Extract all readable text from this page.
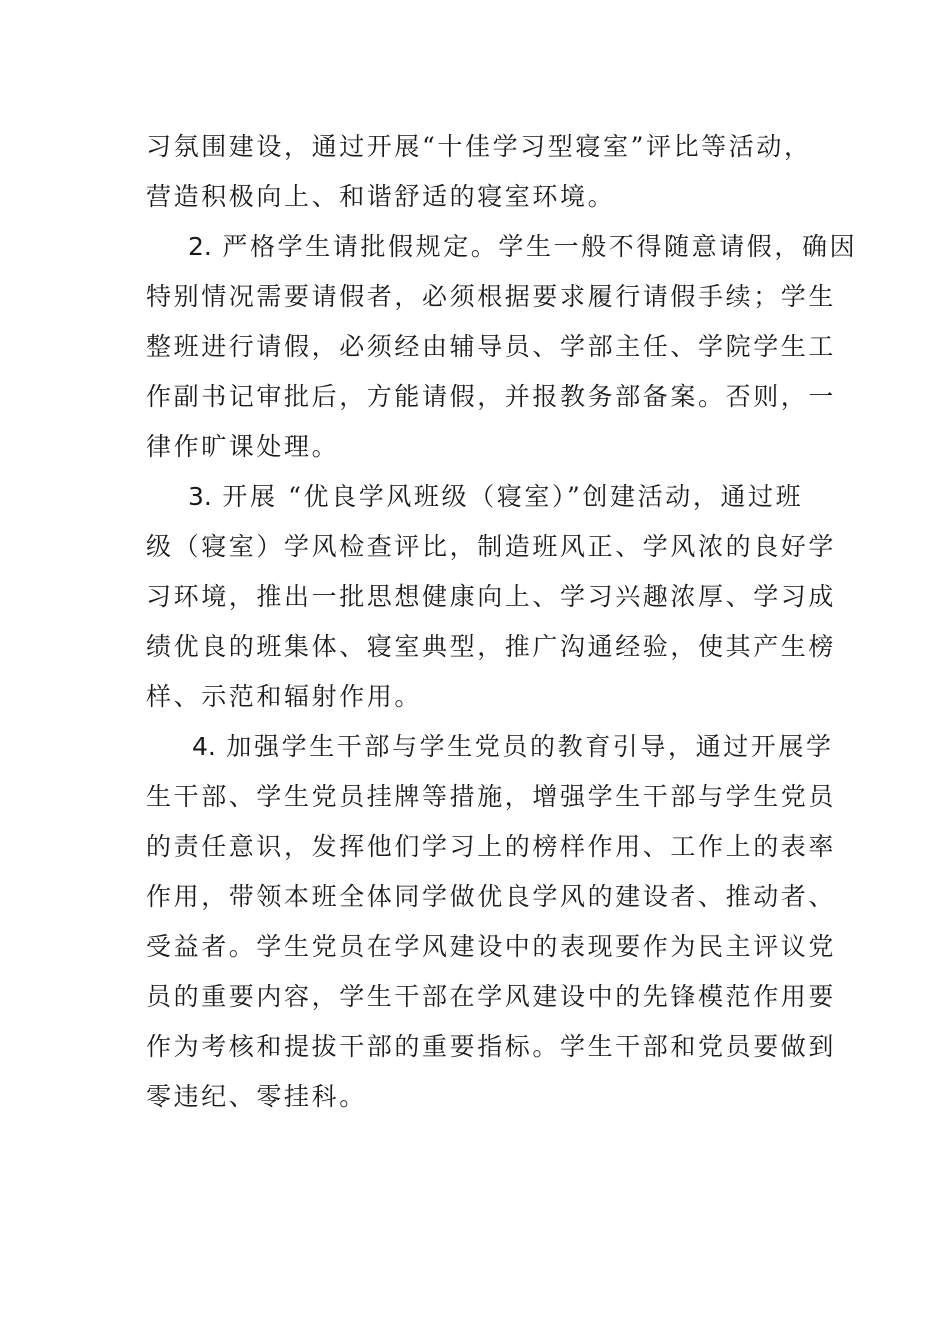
习氛围建设，通过开展“十佳学习型寝室”评比等活动，
营造积极向上、和谐舒适的寝室环境。
2. 严格学生请批假规定。学生一般不得随意请假，确因
特别情况需要请假者，必须根据要求履行请假手续；学生
整班进行请假，必须经由辅导员、学部主任、学院学生工
作副书记审批后，方能请假，并报教务部备案。否则，一
律作旷课处理。
3. 开展 “优良学风班级（寝室）”创建活动，通过班
级（寝室）学风检查评比，制造班风正、学风浓的良好学
习环境，推出一批思想健康向上、学习兴趣浓厚、学习成
绩优良的班集体、寝室典型，推广沟通经验，使其产生榜
样、示范和辐射作用。
4. 加强学生干部与学生党员的教育引导，通过开展学
生干部、学生党员挂牌等措施，增强学生干部与学生党员
的责任意识，发挥他们学习上的榜样作用、工作上的表率
作用，带领本班全体同学做优良学风的建设者、推动者、
受益者。学生党员在学风建设中的表现要作为民主评议党
员的重要内容，学生干部在学风建设中的先锋模范作用要
作为考核和提拔干部的重要指标。学生干部和党员要做到
零违纪、零挂科。
